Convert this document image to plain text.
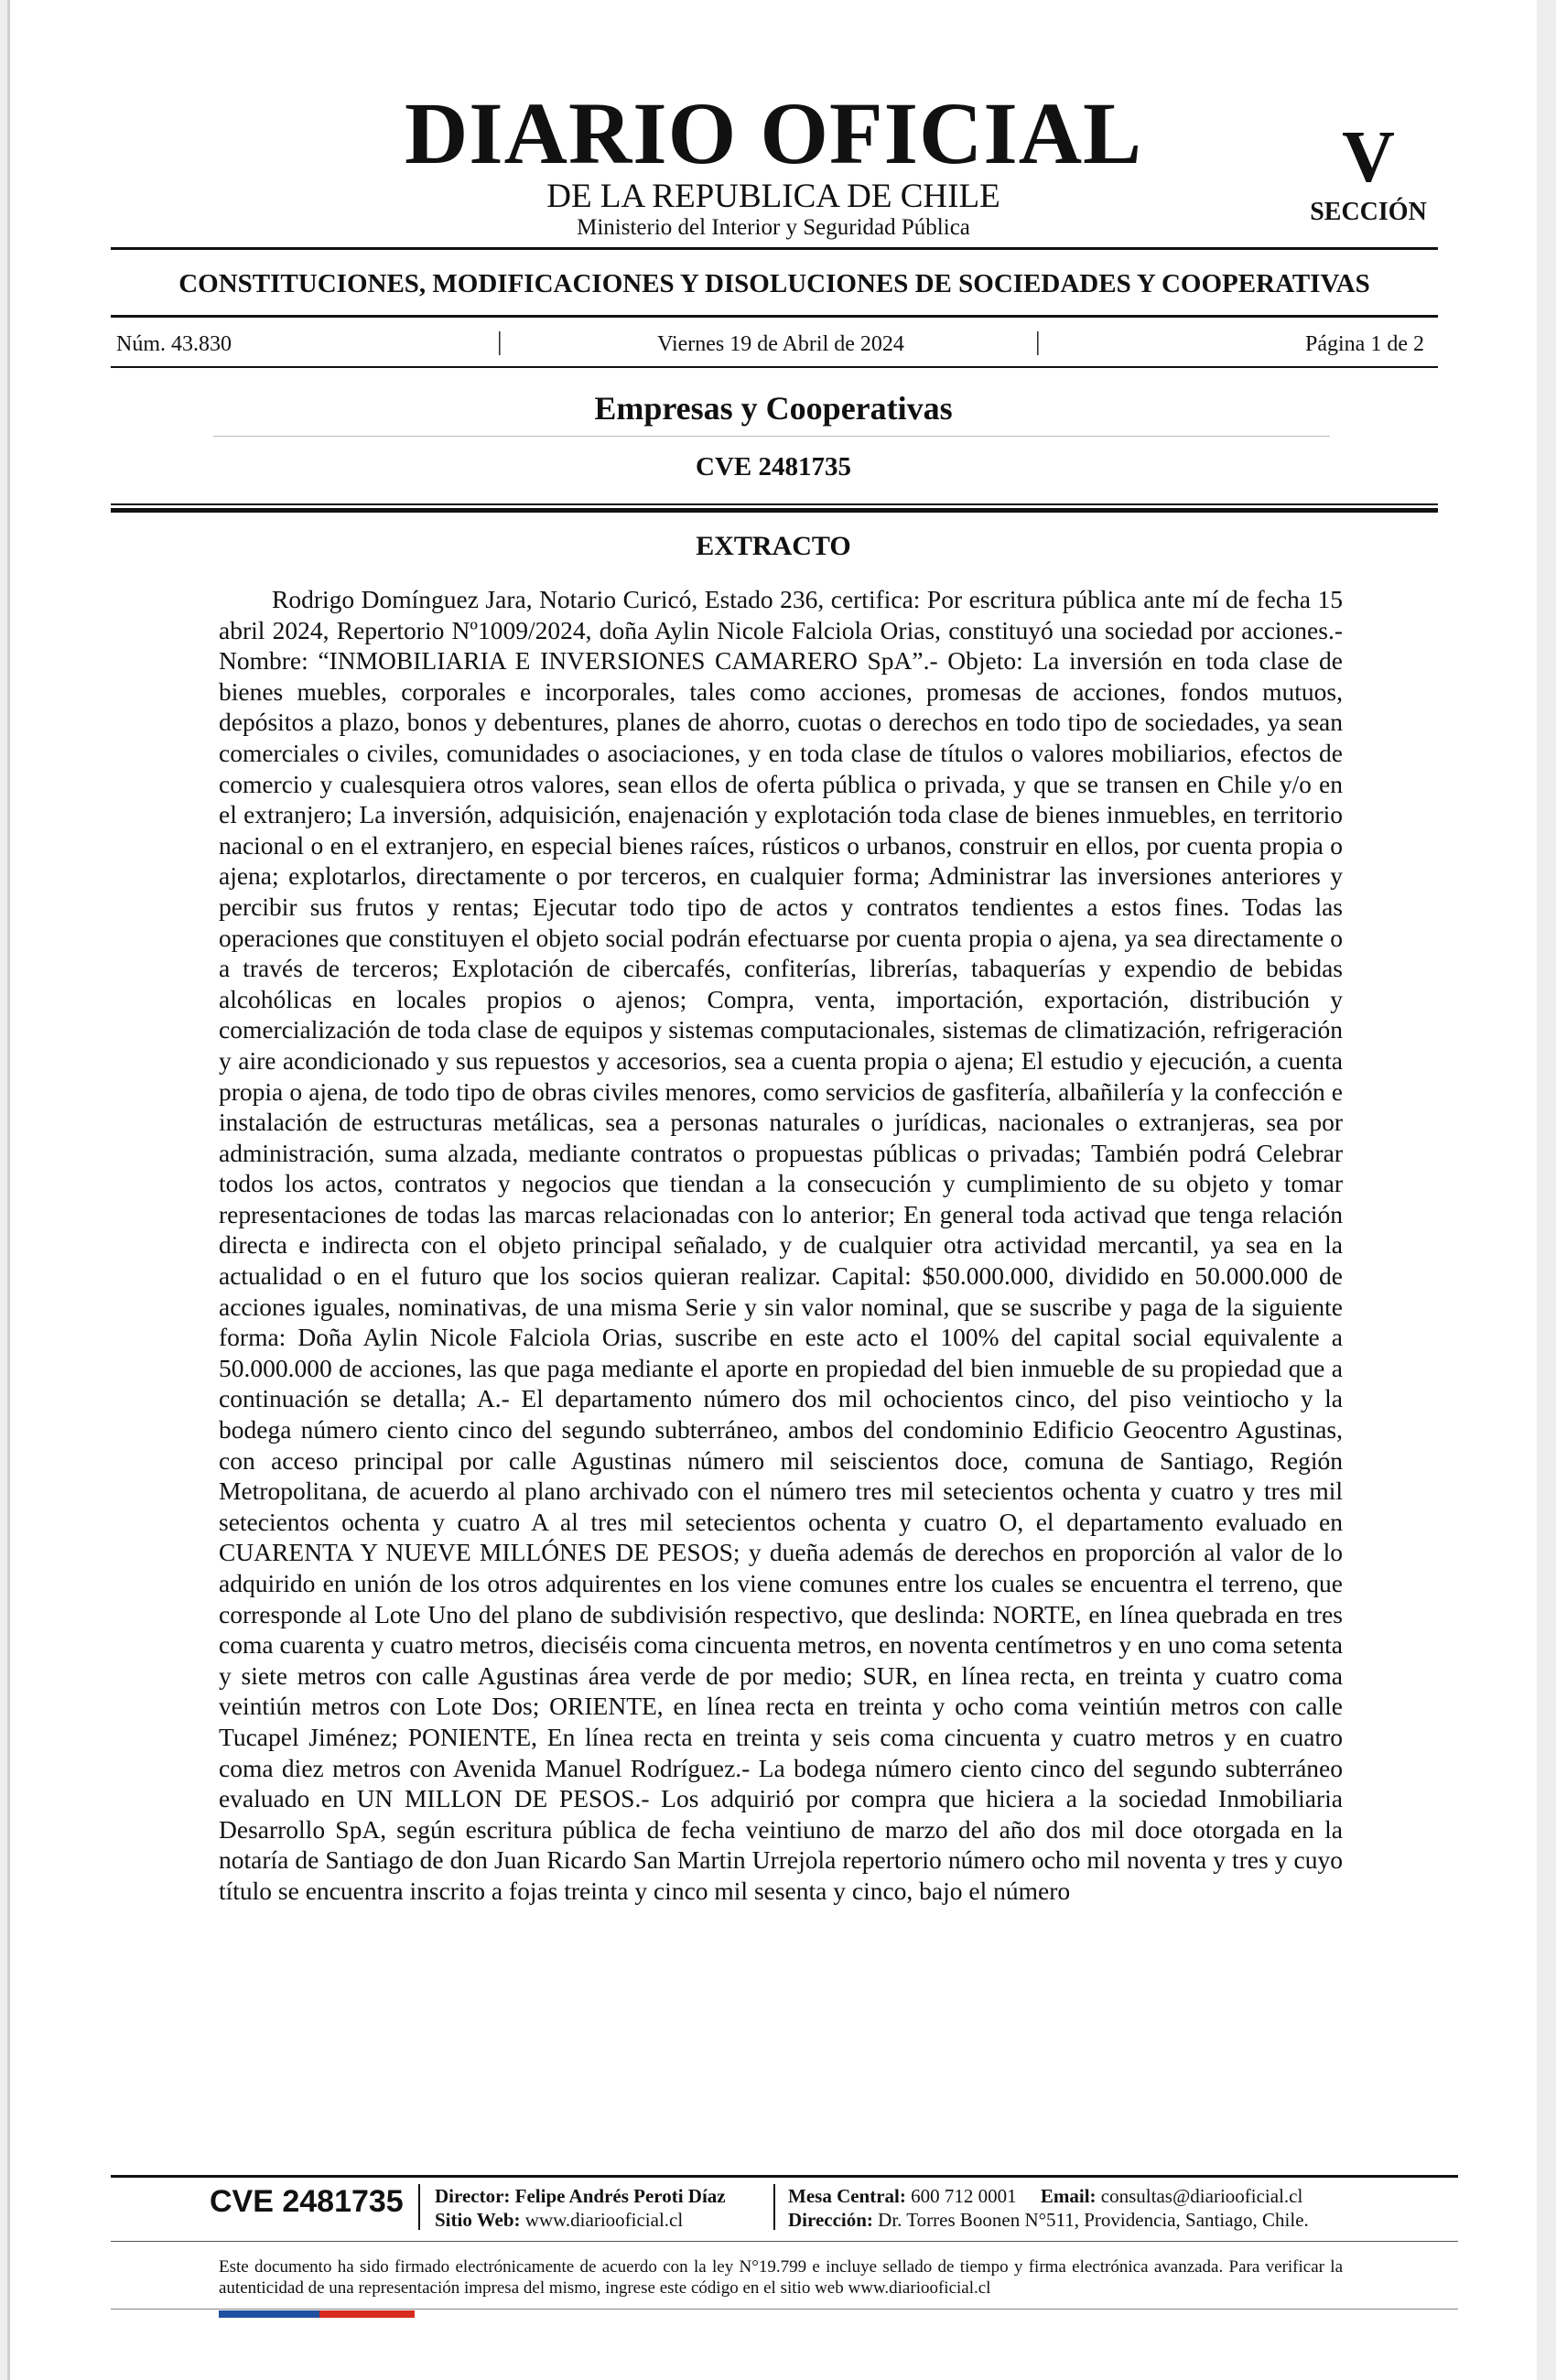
DIARIO OFICIAL
DE LA REPUBLICA DE CHILE
Ministerio del Interior y Seguridad Pública
V
SECCIÓN
CONSTITUCIONES, MODIFICACIONES Y DISOLUCIONES DE SOCIEDADES Y COOPERATIVAS
Núm. 43.830	|	Viernes 19 de Abril de 2024	|	Página 1 de 2
Empresas y Cooperativas
CVE 2481735
EXTRACTO

Rodrigo Domínguez Jara, Notario Curicó, Estado 236, certifica: Por escritura pública ante mí de fecha 15 abril 2024, Repertorio Nº1009/2024, doña Aylin Nicole Falciola Orias, constituyó una sociedad por acciones.- Nombre: “INMOBILIARIA E INVERSIONES CAMARERO SpA”.- Objeto: La inversión en toda clase de bienes muebles, corporales e incorporales, tales como acciones, promesas de acciones, fondos mutuos, depósitos a plazo, bonos y debentures, planes de ahorro, cuotas o derechos en todo tipo de sociedades, ya sean comerciales o civiles, comunidades o asociaciones, y en toda clase de títulos o valores mobiliarios, efectos de comercio y cualesquiera otros valores, sean ellos de oferta pública o privada, y que se transen en Chile y/o en el extranjero; La inversión, adquisición, enajenación y explotación toda clase de bienes inmuebles, en territorio nacional o en el extranjero, en especial bienes raíces, rústicos o urbanos, construir en ellos, por cuenta propia o ajena; explotarlos, directamente o por terceros, en cualquier forma; Administrar las inversiones anteriores y percibir sus frutos y rentas; Ejecutar todo tipo de actos y contratos tendientes a estos fines. Todas las operaciones que constituyen el objeto social podrán efectuarse por cuenta propia o ajena, ya sea directamente o a través de terceros; Explotación de cibercafés, confiterías, librerías, tabaquerías y expendio de bebidas alcohólicas en locales propios o ajenos; Compra, venta, importación, exportación, distribución y comercialización de toda clase de equipos y sistemas computacionales, sistemas de climatización, refrigeración y aire acondicionado y sus repuestos y accesorios, sea a cuenta propia o ajena; El estudio y ejecución, a cuenta propia o ajena, de todo tipo de obras civiles menores, como servicios de gasfitería, albañilería y la confección e instalación de estructuras metálicas, sea a personas naturales o jurídicas, nacionales o extranjeras, sea por administración, suma alzada, mediante contratos o propuestas públicas o privadas; También podrá Celebrar todos los actos, contratos y negocios que tiendan a la consecución y cumplimiento de su objeto y tomar representaciones de todas las marcas relacionadas con lo anterior; En general toda activad que tenga relación directa e indirecta con el objeto principal señalado, y de cualquier otra actividad mercantil, ya sea en la actualidad o en el futuro que los socios quieran realizar. Capital: $50.000.000, dividido en 50.000.000 de acciones iguales, nominativas, de una misma Serie y sin valor nominal, que se suscribe y paga de la siguiente forma: Doña Aylin Nicole Falciola Orias, suscribe en este acto el 100% del capital social equivalente a 50.000.000 de acciones, las que paga mediante el aporte en propiedad del bien inmueble de su propiedad que a continuación se detalla; A.- El departamento número dos mil ochocientos cinco, del piso veintiocho y la bodega número ciento cinco del segundo subterráneo, ambos del condominio Edificio Geocentro Agustinas, con acceso principal por calle Agustinas número mil seiscientos doce, comuna de Santiago, Región Metropolitana, de acuerdo al plano archivado con el número tres mil setecientos ochenta y cuatro y tres mil setecientos ochenta y cuatro A al tres mil setecientos ochenta y cuatro O, el departamento evaluado en CUARENTA Y NUEVE MILLÓNES DE PESOS; y dueña además de derechos en proporción al valor de lo adquirido en unión de los otros adquirentes en los viene comunes entre los cuales se encuentra el terreno, que corresponde al Lote Uno del plano de subdivisión respectivo, que deslinda: NORTE, en línea quebrada en tres coma cuarenta y cuatro metros, dieciséis coma cincuenta metros, en noventa centímetros y en uno coma setenta y siete metros con calle Agustinas área verde de por medio; SUR, en línea recta, en treinta y cuatro coma veintiún metros con Lote Dos; ORIENTE, en línea recta en treinta y ocho coma veintiún metros con calle Tucapel Jiménez; PONIENTE, En línea recta en treinta y seis coma cincuenta y cuatro metros y en cuatro coma diez metros con Avenida Manuel Rodríguez.- La bodega número ciento cinco del segundo subterráneo evaluado en UN MILLON DE PESOS.- Los adquirió por compra que hiciera a la sociedad Inmobiliaria Desarrollo SpA, según escritura pública de fecha veintiuno de marzo del año dos mil doce otorgada en la notaría de Santiago de don Juan Ricardo San Martin Urrejola repertorio número ocho mil noventa y tres y cuyo título se encuentra inscrito a fojas treinta y cinco mil sesenta y cinco, bajo el número

CVE 2481735 Director: Felipe Andrés Peroti Díaz
Sitio Web: www.diariooficial.cl
Mesa Central: 600 712 0001 Email: consultas@diariooficial.cl
Dirección: Dr. Torres Boonen N°511, Providencia, Santiago, Chile.

Este documento ha sido firmado electrónicamente de acuerdo con la ley N°19.799 e incluye sellado de tiempo y firma electrónica avanzada. Para verificar la autenticidad de una representación impresa del mismo, ingrese este código en el sitio web www.diariooficial.cl
